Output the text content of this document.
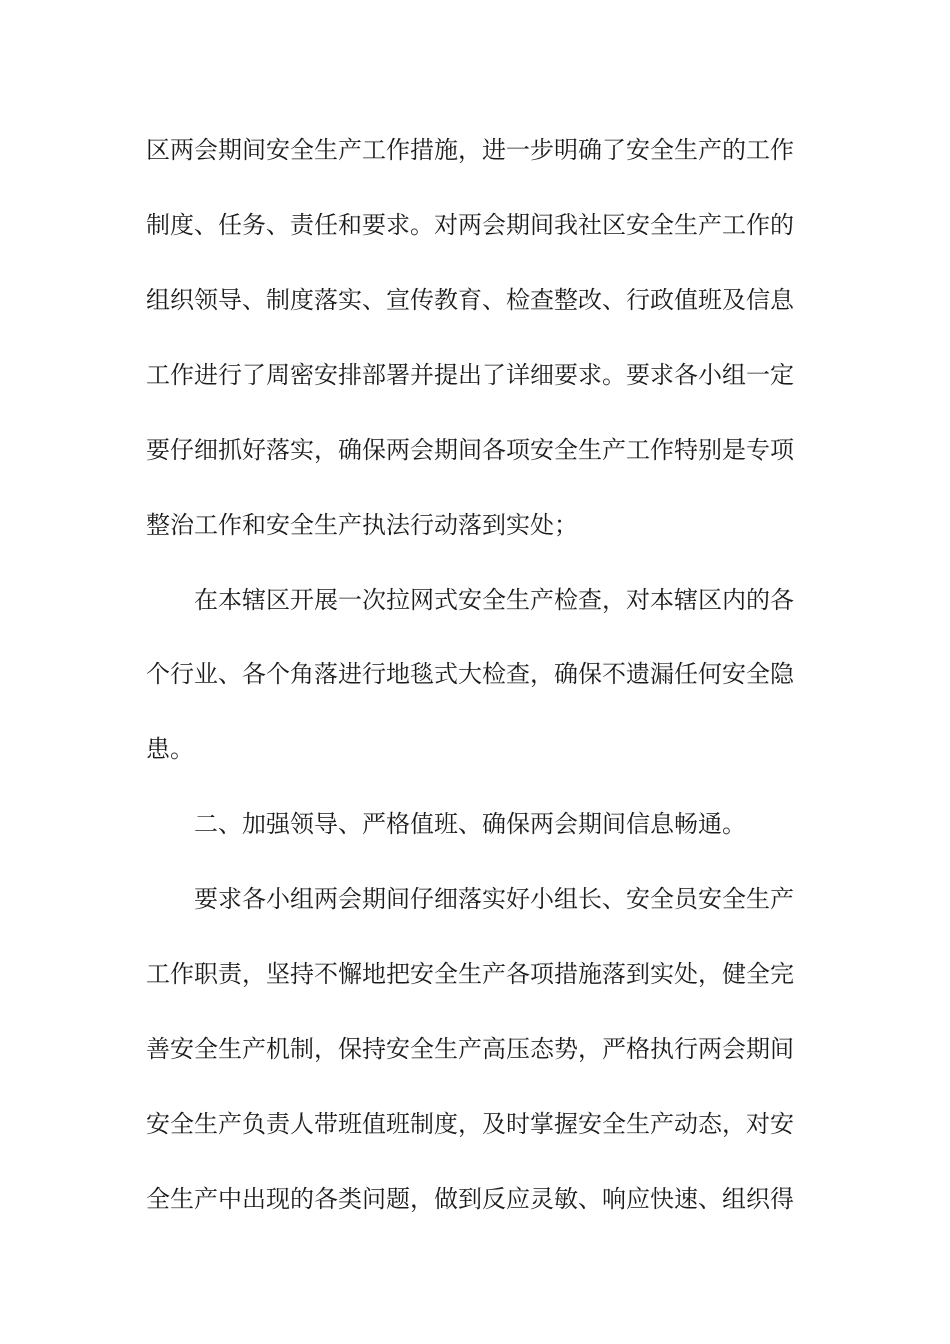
区两会期间安全生产工作措施，进一步明确了安全生产的工作
制度、任务、责任和要求。对两会期间我社区安全生产工作的
组织领导、制度落实、宣传教育、检查整改、行政值班及信息
工作进行了周密安排部署并提出了详细要求。要求各小组一定
要仔细抓好落实，确保两会期间各项安全生产工作特别是专项
整治工作和安全生产执法行动落到实处；
在本辖区开展一次拉网式安全生产检查，对本辖区内的各
个行业、各个角落进行地毯式大检查，确保不遗漏任何安全隐
患。
二、加强领导、严格值班、确保两会期间信息畅通。
要求各小组两会期间仔细落实好小组长、安全员安全生产
工作职责，坚持不懈地把安全生产各项措施落到实处，健全完
善安全生产机制，保持安全生产高压态势，严格执行两会期间
安全生产负责人带班值班制度，及时掌握安全生产动态，对安
全生产中出现的各类问题，做到反应灵敏、响应快速、组织得
